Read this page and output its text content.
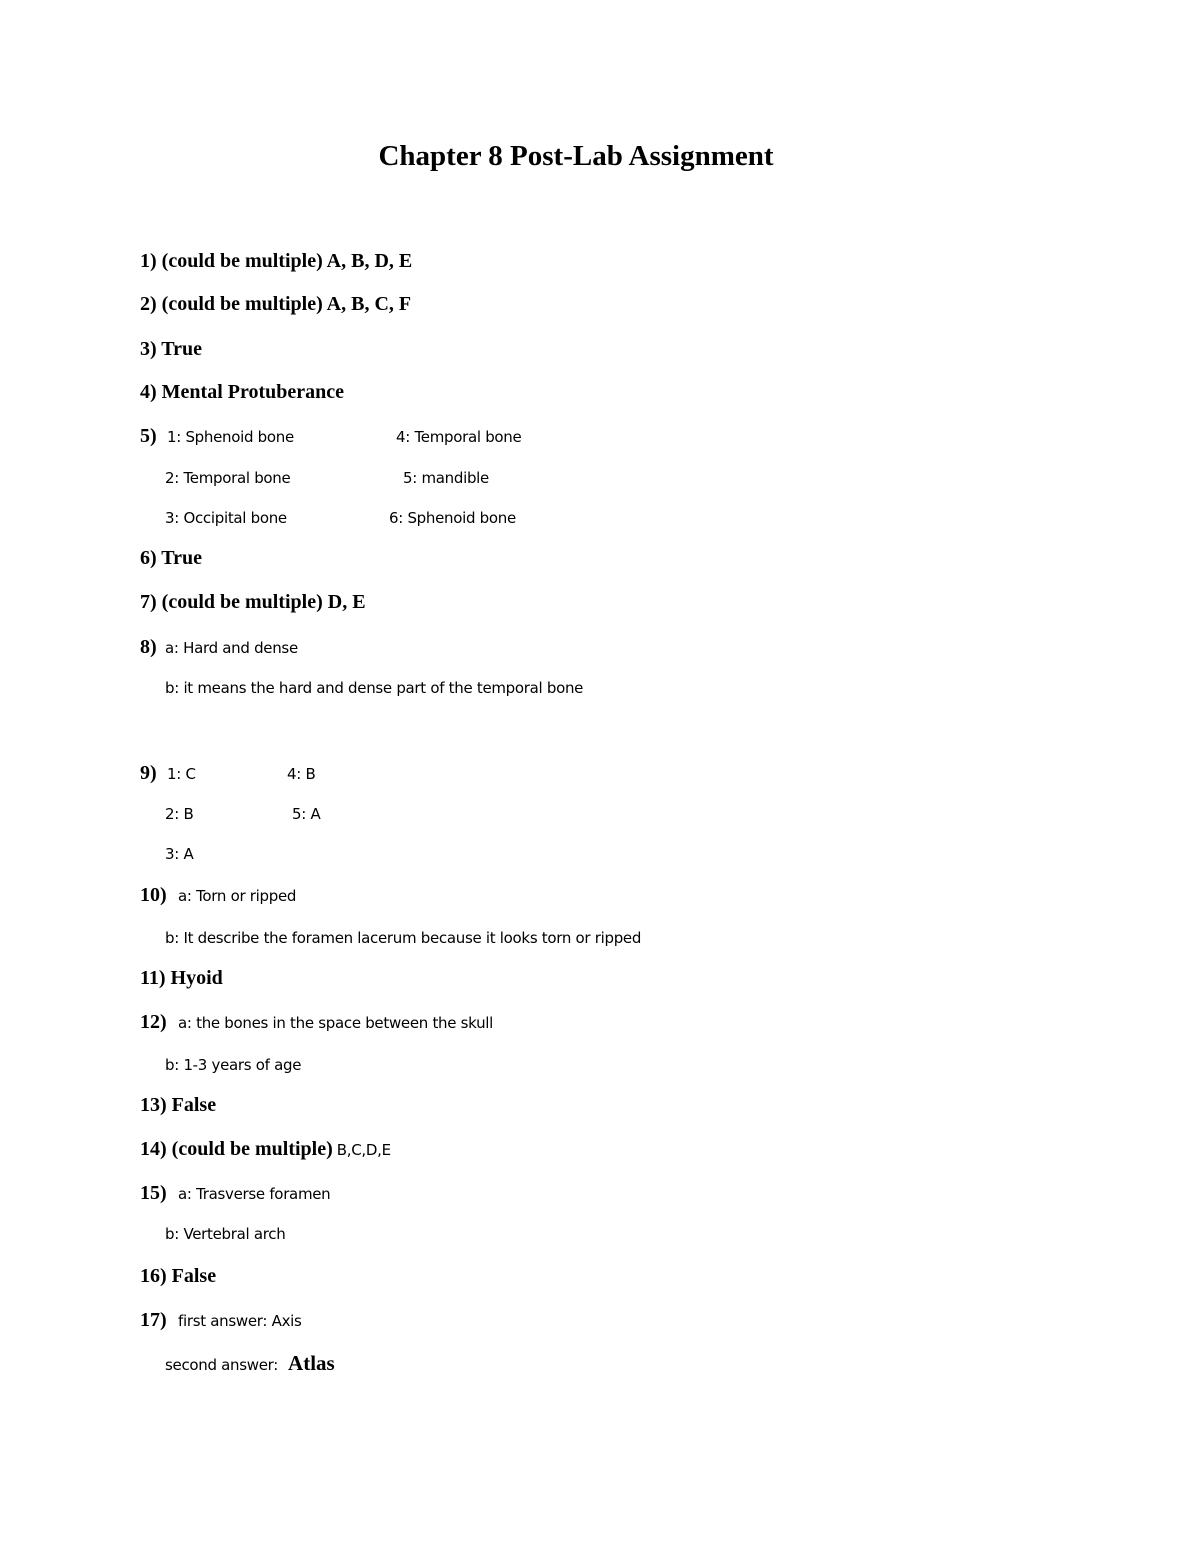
Chapter 8 Post-Lab Assignment
1) (could be multiple) A, B, D, E
2) (could be multiple) A, B, C, F
3) True
4) Mental Protuberance
5) 1: Sphenoid bone	4: Temporal bone
2: Temporal bone	5: mandible
3: Occipital bone	6: Sphenoid bone
6) True
7) (could be multiple) D, E
8) a: Hard and dense
b: it means the hard and dense part of the temporal bone
9) 1: C	4: B
2: B	5: A
3: A
10) a: Torn or ripped
b: It describe the foramen lacerum because it looks torn or ripped
11) Hyoid
12) a: the bones in the space between the skull
b: 1-3 years of age
13) False
14) (could be multiple) B,C,D,E
15) a: Trasverse foramen
b: Vertebral arch
16) False
17) first answer: Axis
second answer: Atlas
